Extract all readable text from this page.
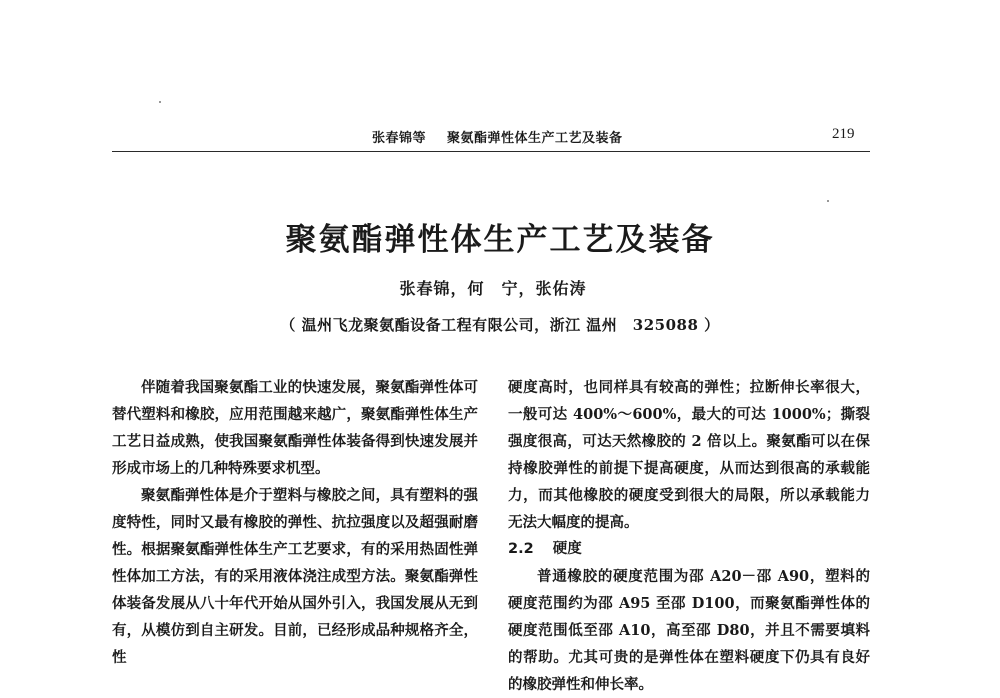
张春锦等 聚氨酯弹性体生产工艺及装备	219
聚氨酯弹性体生产工艺及装备
张春锦，何　宁，张佑涛
（ 温州飞龙聚氨酯设备工程有限公司，浙江 温州　325088 ）

伴随着我国聚氨酯工业的快速发展，聚氨酯弹性体可替代塑料和橡胶，应用范围越来越广，聚氨酯弹性体生产工艺日益成熟，使我国聚氨酯弹性体装备得到快速发展并形成市场上的几种特殊要求机型。

聚氨酯弹性体是介于塑料与橡胶之间，具有塑料的强度特性，同时又最有橡胶的弹性、抗拉强度以及超强耐磨性。根据聚氨酯弹性体生产工艺要求，有的采用热固性弹性体加工方法，有的采用液体浇注成型方法。聚氨酯弹性体装备发展从八十年代开始从国外引入，我国发展从无到有，从模仿到自主研发。目前，已经形成品种规格齐全，性

硬度高时，也同样具有较高的弹性；拉断伸长率很大，一般可达 400%～600%，最大的可达 1000%；撕裂强度很高，可达天然橡胶的 2 倍以上。聚氨酯可以在保持橡胶弹性的前提下提高硬度，从而达到很高的承载能力，而其他橡胶的硬度受到很大的局限，所以承载能力无法大幅度的提高。

2.2 硬度

普通橡胶的硬度范围为邵 A20－邵 A90，塑料的硬度范围约为邵 A95 至邵 D100，而聚氨酯弹性体的硬度范围低至邵 A10，高至邵 D80，并且不需要填料的帮助。尤其可贵的是弹性体在塑料硬度下仍具有良好的橡胶弹性和伸长率。
